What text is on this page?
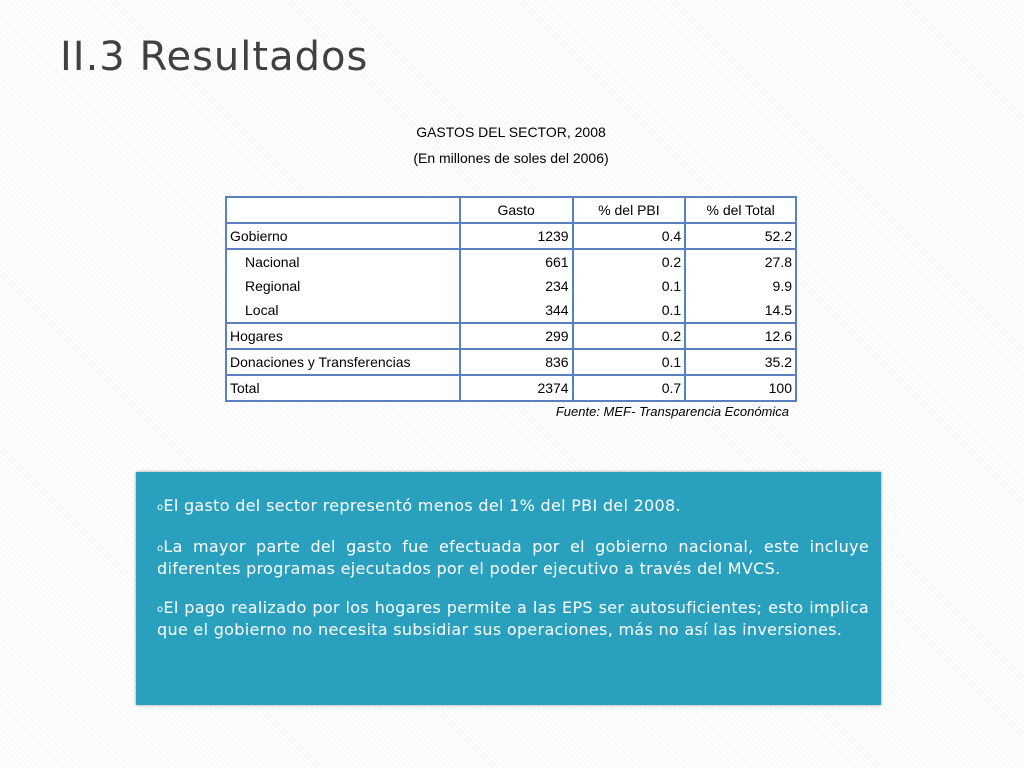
II.3 Resultados
GASTOS DEL SECTOR, 2008
(En millones de soles del 2006)
	Gasto	% del PBI	% del Total
Gobierno	1239	0.4	52.2
Nacional	661	0.2	27.8
Regional	234	0.1	9.9
Local	344	0.1	14.5
Hogares	299	0.2	12.6
Donaciones y Transferencias	836	0.1	35.2
Total	2374	0.7	100
Fuente: MEF- Transparencia Económica

oEl gasto del sector representó menos del 1% del PBI del 2008.

oLa mayor parte del gasto fue efectuada por el gobierno nacional, este incluye diferentes programas ejecutados por el poder ejecutivo a través del MVCS.

oEl pago realizado por los hogares permite a las EPS ser autosuficientes; esto implica que el gobierno no necesita subsidiar sus operaciones, más no así las inversiones.
